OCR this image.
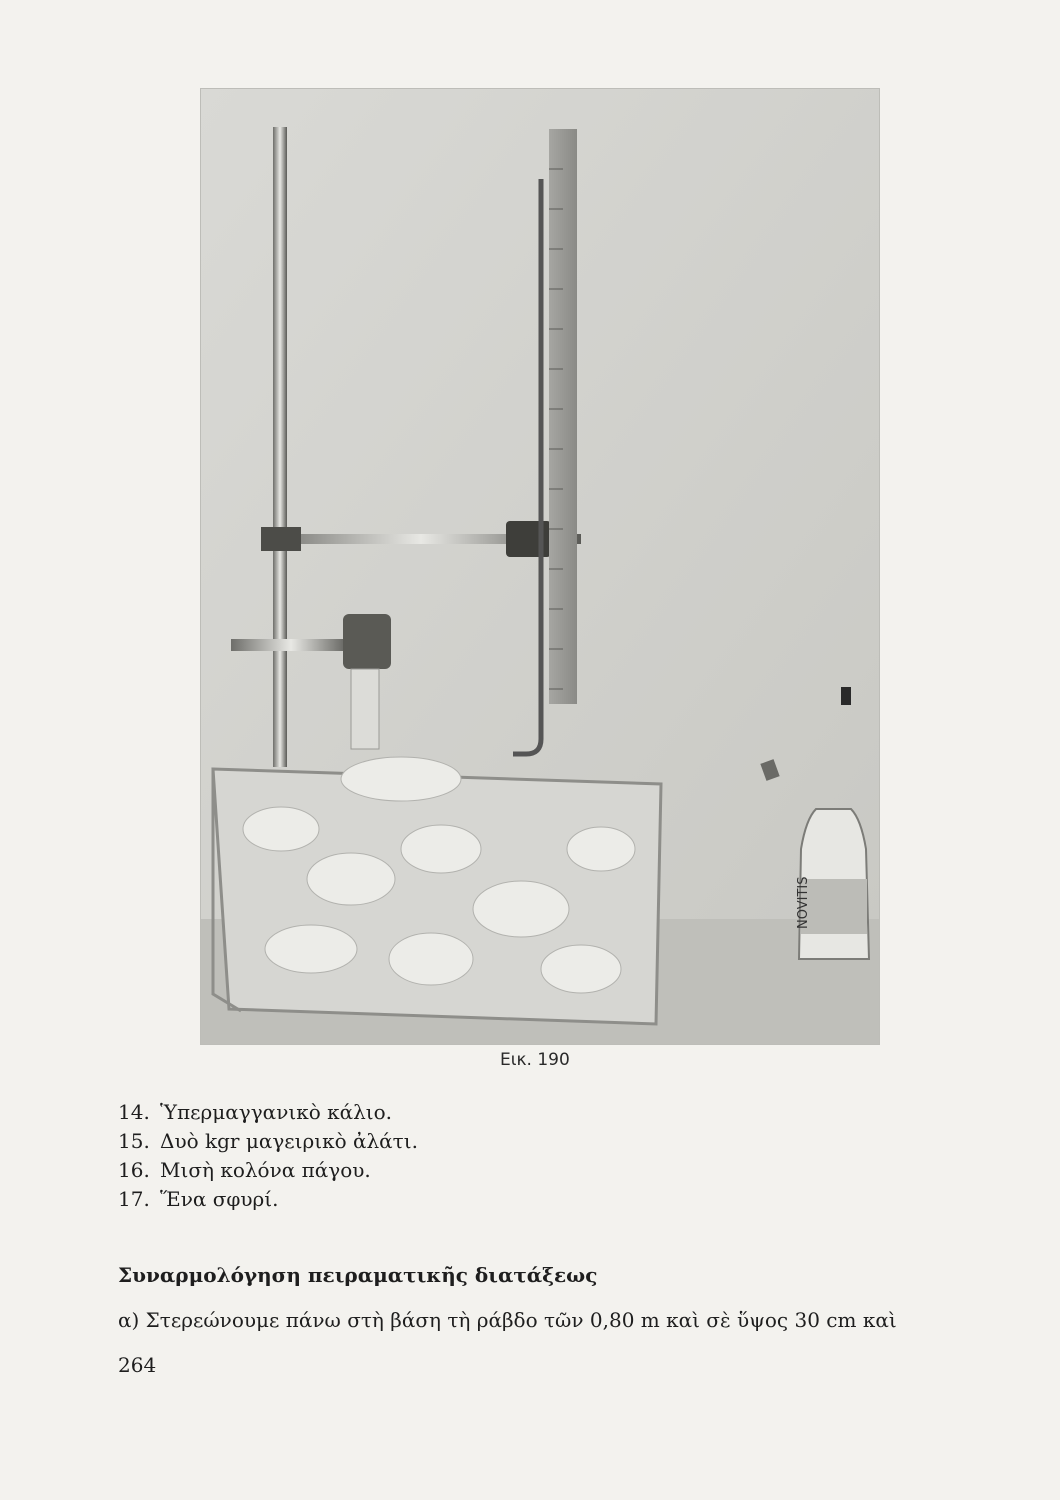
NOVITIS
Εικ. 190
14. Ὑπερμαγγανικὸ κάλιο.
15. Δυὸ kgr μαγειρικὸ ἀλάτι.
16. Μισὴ κολόνα πάγου.
17. Ἕνα σφυρί.
Συναρμολόγηση πειραματικῆς διατάξεως
α) Στερεώνουμε πάνω στὴ βάση τὴ ράβδο τῶν 0,80 m καὶ σὲ ὕψος 30 cm καὶ
264
